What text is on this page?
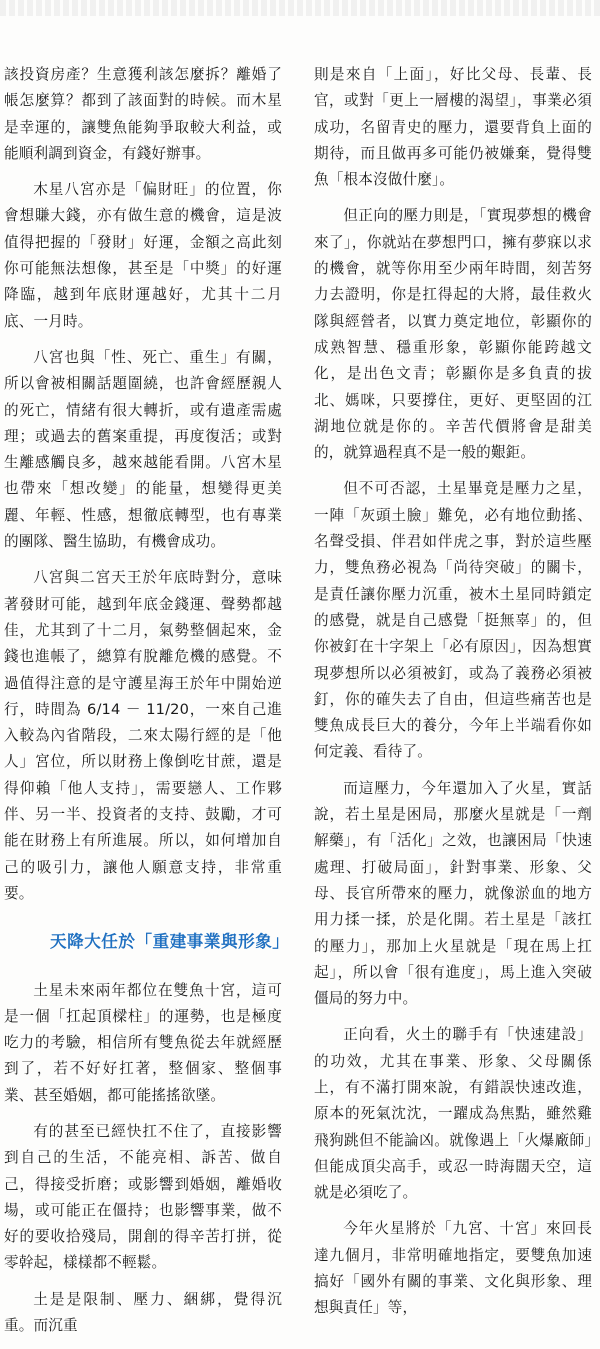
該投資房產？生意獲利該怎麼拆？離婚了帳怎麼算？都到了該面對的時候。而木星是幸運的，讓雙魚能夠爭取較大利益，或能順利調到資金，有錢好辦事。

木星八宮亦是「偏財旺」的位置，你會想賺大錢，亦有做生意的機會，這是波值得把握的「發財」好運，金額之高此刻你可能無法想像，甚至是「中獎」的好運降臨，越到年底財運越好，尤其十二月底、一月時。

八宮也與「性、死亡、重生」有關，所以會被相關話題圍繞，也許會經歷親人的死亡，情緒有很大轉折，或有遺產需處理；或過去的舊案重提，再度復活；或對生離感觸良多，越來越能看開。八宮木星也帶來「想改變」的能量，想變得更美麗、年輕、性感，想徹底轉型，也有專業的團隊、醫生協助，有機會成功。

八宮與二宮天王於年底時對分，意味著發財可能，越到年底金錢運、聲勢都越佳，尤其到了十二月，氣勢整個起來，金錢也進帳了，總算有脫離危機的感覺。不過值得注意的是守護星海王於年中開始逆行，時間為 6/14 － 11/20，一來自己進入較為內省階段，二來太陽行經的是「他人」宮位，所以財務上像倒吃甘蔗，還是得仰賴「他人支持」，需要戀人、工作夥伴、另一半、投資者的支持、鼓勵，才可能在財務上有所進展。所以，如何增加自己的吸引力，讓他人願意支持，非常重要。

天降大任於「重建事業與形象」

土星未來兩年都位在雙魚十宮，這可是一個「扛起頂樑柱」的運勢，也是極度吃力的考驗，相信所有雙魚從去年就經歷到了，若不好好扛著，整個家、整個事業、甚至婚姻，都可能搖搖欲墜。

有的甚至已經快扛不住了，直接影響到自己的生活，不能亮相、訴苦、做自己，得接受折磨；或影響到婚姻，離婚收場，或可能正在僵持；也影響事業，做不好的要收拾殘局，開創的得辛苦打拼，從零幹起，樣樣都不輕鬆。

土是是限制、壓力、綑綁，覺得沉重。而沉重

則是來自「上面」，好比父母、長輩、長官，或對「更上一層樓的渴望」，事業必須成功，名留青史的壓力，還要背負上面的期待，而且做再多可能仍被嫌棄，覺得雙魚「根本沒做什麼」。

但正向的壓力則是，「實現夢想的機會來了」，你就站在夢想門口，擁有夢寐以求的機會，就等你用至少兩年時間，刻苦努力去證明，你是扛得起的大將，最佳救火隊與經營者，以實力奠定地位，彰顯你的成熟智慧、穩重形象，彰顯你能跨越文化，是出色文青；彰顯你是多負責的拔北、媽咪，只要撐住，更好、更堅固的江湖地位就是你的。辛苦代價將會是甜美的，就算過程真不是一般的艱鉅。

但不可否認，土星畢竟是壓力之星，一陣「灰頭土臉」難免，必有地位動搖、名聲受損、伴君如伴虎之事，對於這些壓力，雙魚務必視為「尚待突破」的關卡，是責任讓你壓力沉重，被木土星同時鎖定的感覺，就是自己感覺「挺無辜」的，但你被釘在十字架上「必有原因」，因為想實現夢想所以必須被釘，或為了義務必須被釘，你的確失去了自由，但這些痛苦也是雙魚成長巨大的養分，今年上半端看你如何定義、看待了。

而這壓力，今年還加入了火星，實話說，若土星是困局，那麼火星就是「一劑解藥」，有「活化」之效，也讓困局「快速處理、打破局面」，針對事業、形象、父母、長官所帶來的壓力，就像淤血的地方用力揉一揉，於是化開。若土星是「該扛的壓力」，那加上火星就是「現在馬上扛起」，所以會「很有進度」，馬上進入突破僵局的努力中。

正向看，火土的聯手有「快速建設」的功效，尤其在事業、形象、父母關係上，有不滿打開來說，有錯誤快速改進，原本的死氣沈沈，一躍成為焦點，雖然雞飛狗跳但不能論凶。就像遇上「火爆廠師」但能成頂尖高手，或忍一時海闊天空，這就是必須吃了。

今年火星將於「九宮、十宮」來回長達九個月，非常明確地指定，要雙魚加速搞好「國外有關的事業、文化與形象、理想與責任」等，
